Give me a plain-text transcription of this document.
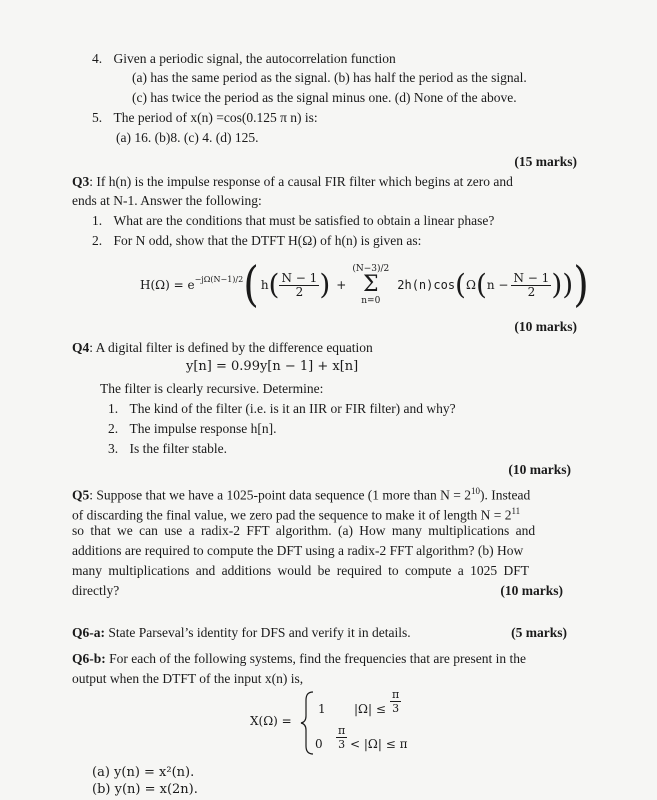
4. Given a periodic signal, the autocorrelation function
(a) has the same period as the signal. (b) has half the period as the signal.
(c) has twice the period as the signal minus one. (d) None of the above.
5. The period of x(n) =cos(0.125 π n) is:
(a) 16. (b)8. (c) 4. (d) 125.
(15 marks)
Q3: If h(n) is the impulse response of a causal FIR filter which begins at zero and
ends at N-1. Answer the following:
1. What are the conditions that must be satisfied to obtain a linear phase?
2. For N odd, show that the DTFT H(Ω) of h(n) is given as:
$H(\Omega) = e^{-j\Omega(N-1)/2}$ ( h ( $\frac{N - 1}{2}$ ) +
(N−3)/2
Σ
n=0
2h(n)cos ( Ω ( $n - \frac{N - 1}{2}$ ) ) )
(10 marks)
Q4: A digital filter is defined by the difference equation
y[n] = 0.99y[n − 1] + x[n]
The filter is clearly recursive. Determine:
1. The kind of the filter (i.e. is it an IIR or FIR filter) and why?
2. The impulse response h[n].
3. Is the filter stable.
(10 marks)
Q5: Suppose that we have a 1025-point data sequence (1 more than $N = 2^{10}$). Instead
of discarding the final value, we zero pad the sequence to make it of length $N = 2^{11}$
so that we can use a radix-2 FFT algorithm. (a) How many multiplications and
additions are required to compute the DFT using a radix-2 FFT algorithm? (b) How
many multiplications and additions would be required to compute a 1025 DFT
directly?	(10 marks)
Q6-a: State Parseval’s identity for DFS and verify it in details.	(5 marks)
Q6-b: For each of the following systems, find the frequencies that are present in the
output when the DTFT of the input x(n) is,
X(Ω) =
1 $|\Omega| \le \frac{\pi}{3}$
$0 \frac{\pi}{3} < |\Omega| \le \pi$
(a) y(n) = x²(n).
(b) y(n) = x(2n).
